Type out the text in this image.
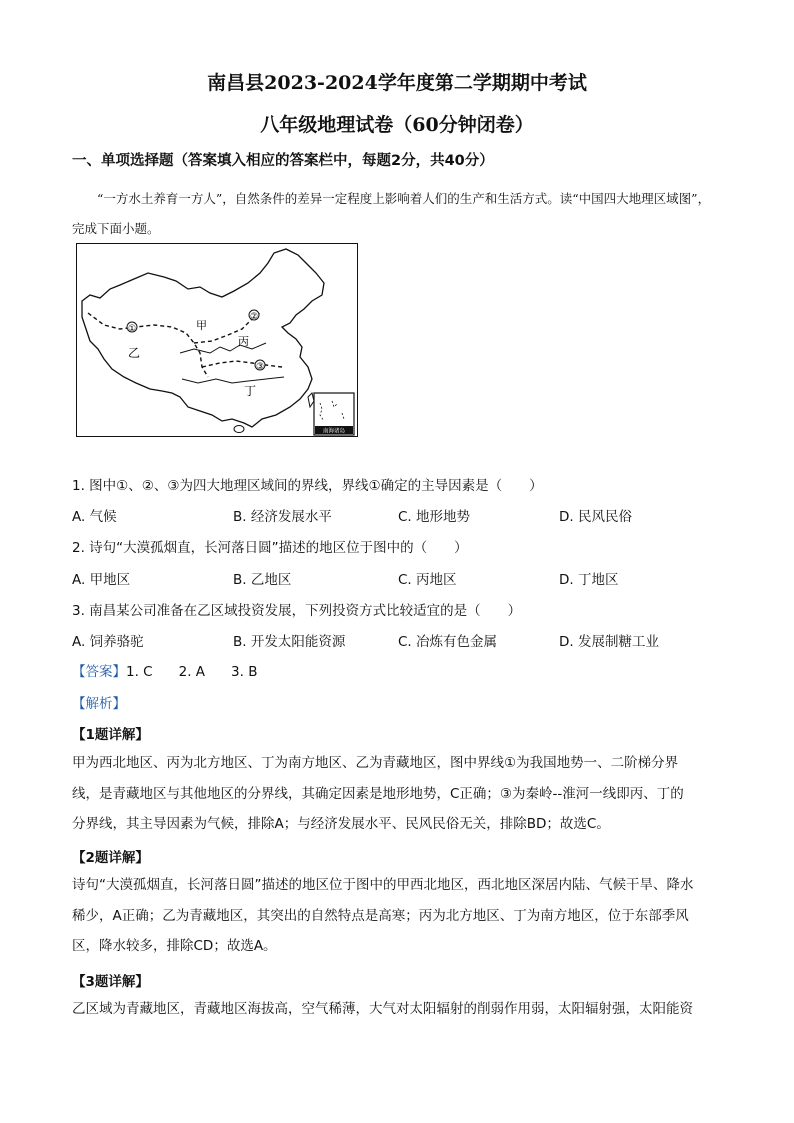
南昌县2023-2024学年度第二学期期中考试
八年级地理试卷（60分钟闭卷）
一、单项选择题（答案填入相应的答案栏中，每题2分，共40分）
“一方水土养育一方人”，自然条件的差异一定程度上影响着人们的生产和生活方式。读“中国四大地理区域图”，完成下面小题。
①
②
③
甲
乙
丙
丁
南海诸岛
1. 图中①、②、③为四大地理区域间的界线，界线①确定的主导因素是（　　）
A. 气候	B. 经济发展水平	C. 地形地势	D. 民风民俗
2. 诗句“大漠孤烟直，长河落日圆”描述的地区位于图中的（　　）
A. 甲地区	B. 乙地区	C. 丙地区	D. 丁地区
3. 南昌某公司准备在乙区域投资发展，下列投资方式比较适宜的是（　　）
A. 饲养骆驼	B. 开发太阳能资源	C. 冶炼有色金属	D. 发展制糖工业
【答案】1. C 2. A 3. B
【解析】
【1题详解】
甲为西北地区、丙为北方地区、丁为南方地区、乙为青藏地区，图中界线①为我国地势一、二阶梯分界
线，是青藏地区与其他地区的分界线，其确定因素是地形地势，C正确；③为秦岭--淮河一线即丙、丁的
分界线，其主导因素为气候，排除A；与经济发展水平、民风民俗无关，排除BD；故选C。
【2题详解】
诗句“大漠孤烟直，长河落日圆”描述的地区位于图中的甲西北地区，西北地区深居内陆、气候干旱、降水
稀少，A正确；乙为青藏地区，其突出的自然特点是高寒；丙为北方地区、丁为南方地区，位于东部季风
区，降水较多，排除CD；故选A。
【3题详解】
乙区域为青藏地区，青藏地区海拔高，空气稀薄，大气对太阳辐射的削弱作用弱，太阳辐射强，太阳能资
